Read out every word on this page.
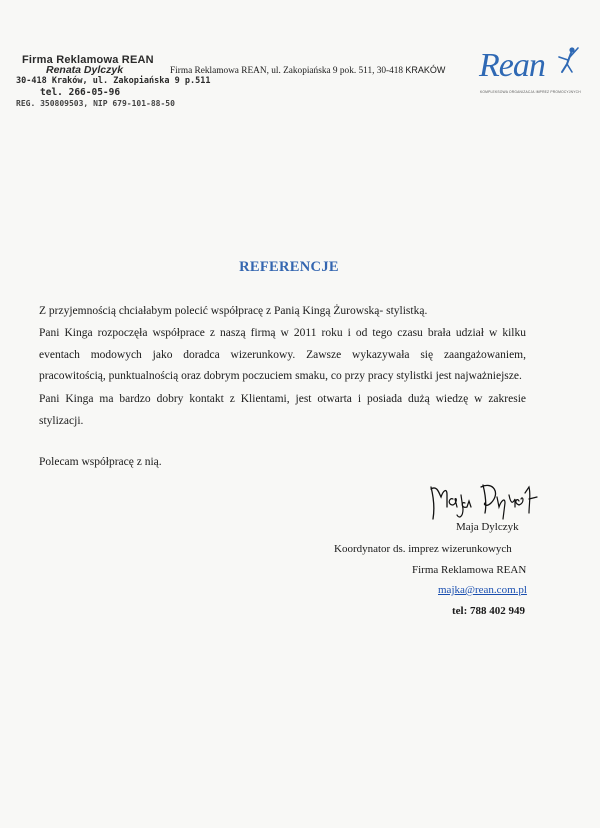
Firma Reklamowa REAN
Renata Dylczyk
30-418 Kraków, ul. Zakopiańska 9 p.511
tel. 266-05-96
REG. 350809503, NIP 679-101-88-50
Firma Reklamowa REAN, ul. Zakopiańska 9 pok. 511, 30-418 KRAKÓW Rean
KOMPLEKSOWA ORGANIZACJA IMPREZ PROMOCYJNYCH
REFERENCJE
Z przyjemnością chciałabym polecić współpracę z Panią Kingą Żurowską- stylistką.
Pani Kinga rozpoczęła współprace z naszą firmą w 2011 roku i od tego czasu brała udział w kilku eventach modowych jako doradca wizerunkowy. Zawsze wykazywała się zaangażowaniem, pracowitością, punktualnością oraz dobrym poczuciem smaku, co przy pracy stylistki jest najważniejsze.
Pani Kinga ma bardzo dobry kontakt z Klientami, jest otwarta i posiada dużą wiedzę w zakresie stylizacji.
Polecam współpracę z nią.
Maja Dylczyk
Koordynator ds. imprez wizerunkowych
Firma Reklamowa REAN
majka@rean.com.pl
tel: 788 402 949
